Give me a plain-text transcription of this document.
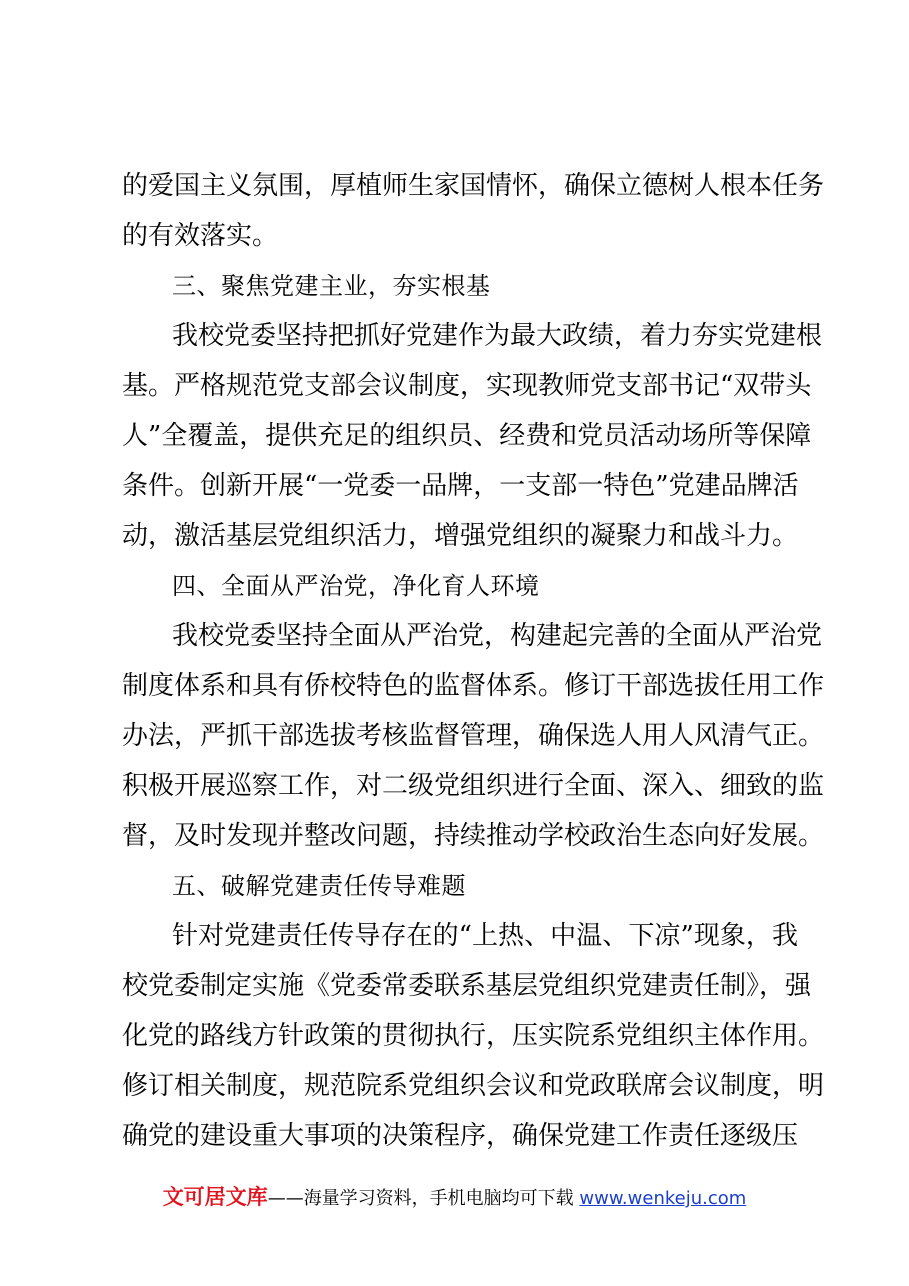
的爱国主义氛围，厚植师生家国情怀，确保立德树人根本任务
的有效落实。
三、聚焦党建主业，夯实根基
我校党委坚持把抓好党建作为最大政绩，着力夯实党建根
基。严格规范党支部会议制度，实现教师党支部书记“双带头
人”全覆盖，提供充足的组织员、经费和党员活动场所等保障
条件。创新开展“一党委一品牌，一支部一特色”党建品牌活
动，激活基层党组织活力，增强党组织的凝聚力和战斗力。
四、全面从严治党，净化育人环境
我校党委坚持全面从严治党，构建起完善的全面从严治党
制度体系和具有侨校特色的监督体系。修订干部选拔任用工作
办法，严抓干部选拔考核监督管理，确保选人用人风清气正。
积极开展巡察工作，对二级党组织进行全面、深入、细致的监
督，及时发现并整改问题，持续推动学校政治生态向好发展。
五、破解党建责任传导难题
针对党建责任传导存在的“上热、中温、下凉”现象，我
校党委制定实施《党委常委联系基层党组织党建责任制》，强
化党的路线方针政策的贯彻执行，压实院系党组织主体作用。
修订相关制度，规范院系党组织会议和党政联席会议制度，明
确党的建设重大事项的决策程序，确保党建工作责任逐级压
文可居文库——海量学习资料，手机电脑均可下载 www.wenkeju.com
